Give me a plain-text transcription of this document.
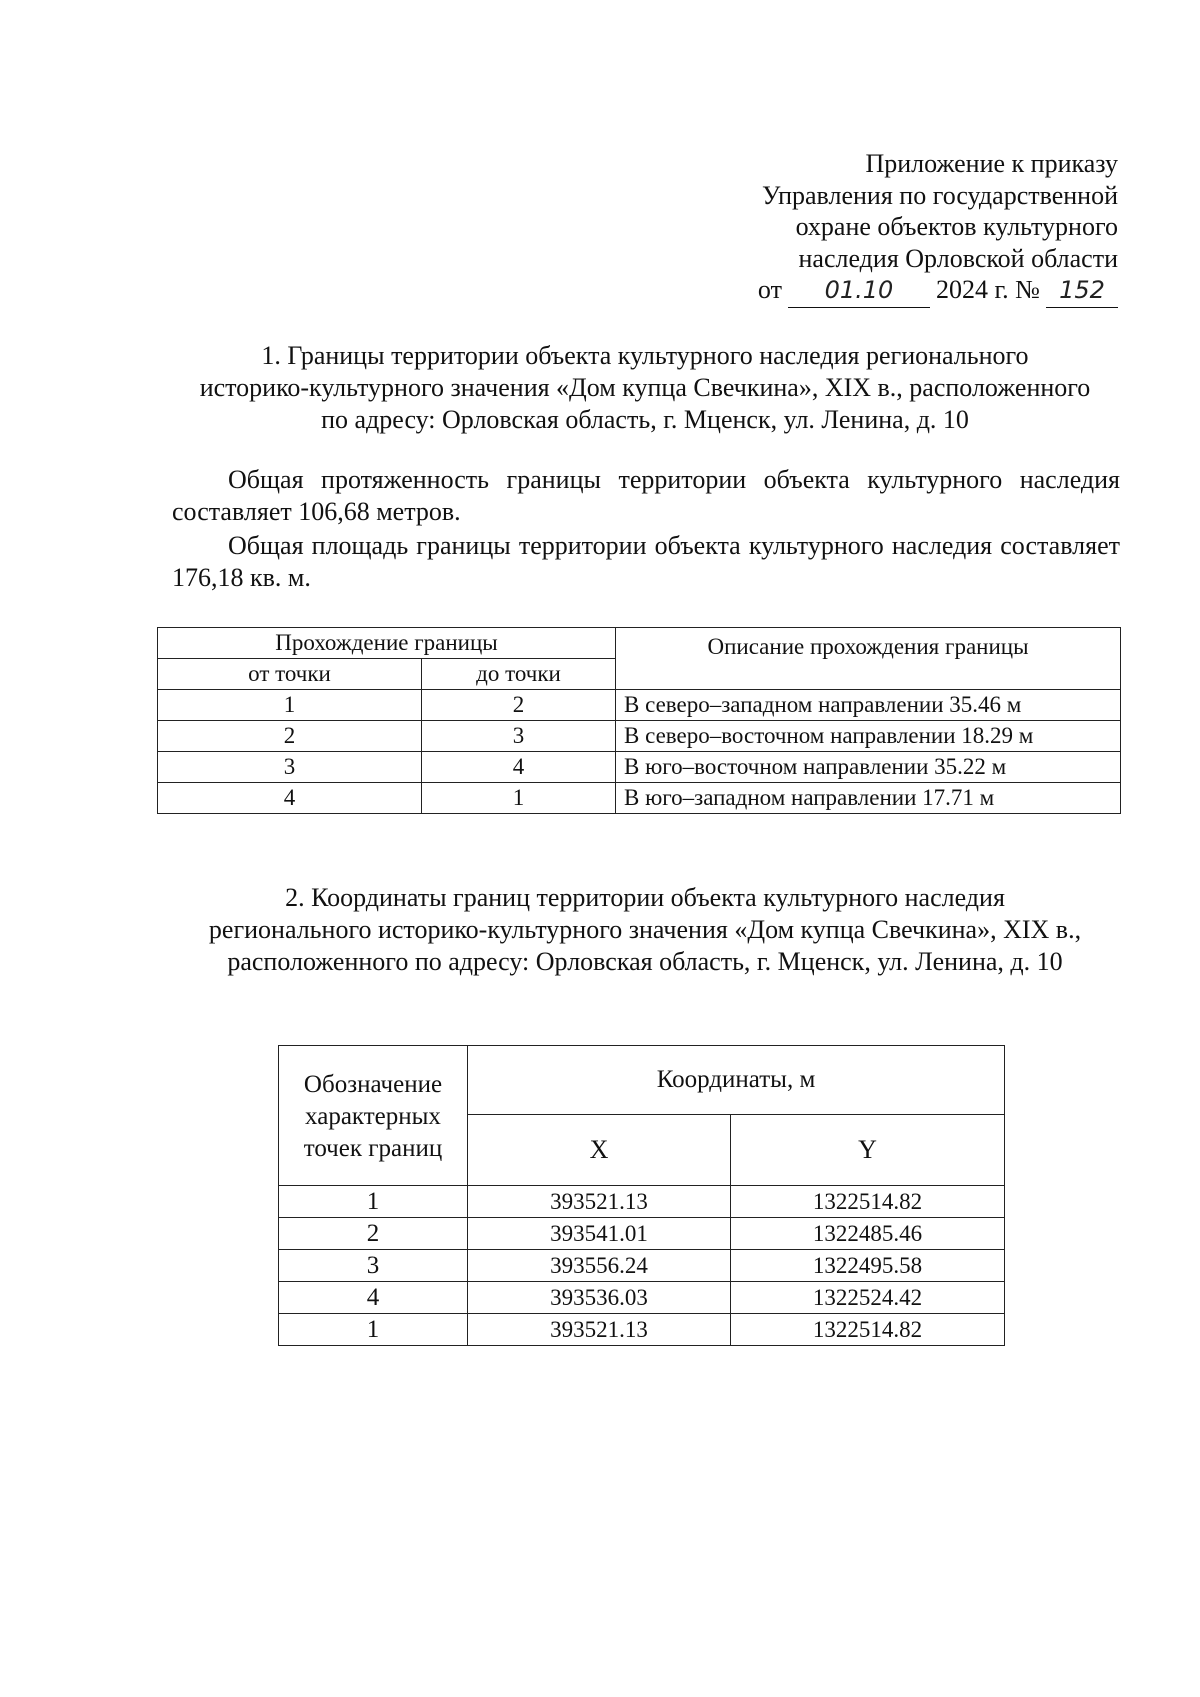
Приложение к приказу
Управления по государственной
охране объектов культурного
наследия Орловской области
от 01.10 2024 г. № 152
1. Границы территории объекта культурного наследия регионального
историко-культурного значения «Дом купца Свечкина», XIX в., расположенного
по адресу: Орловская область, г. Мценск, ул. Ленина, д. 10
Общая протяженность границы территории объекта культурного наследия составляет 106,68 метров.
Общая площадь границы территории объекта культурного наследия составляет 176,18 кв. м.
Прохождение границы		Описание прохождения границы
от точки	до точки	
1	2	В северо–западном направлении 35.46 м
2	3	В северо–восточном направлении 18.29 м
3	4	В юго–восточном направлении 35.22 м
4	1	В юго–западном направлении 17.71 м
2. Координаты границ территории объекта культурного наследия
регионального историко-культурного значения «Дом купца Свечкина», XIX в.,
расположенного по адресу: Орловская область, г. Мценск, ул. Ленина, д. 10
Обозначение характерных точек границ	Координаты, м	
	X	Y
1	393521.13	1322514.82
2	393541.01	1322485.46
3	393556.24	1322495.58
4	393536.03	1322524.42
1	393521.13	1322514.82
